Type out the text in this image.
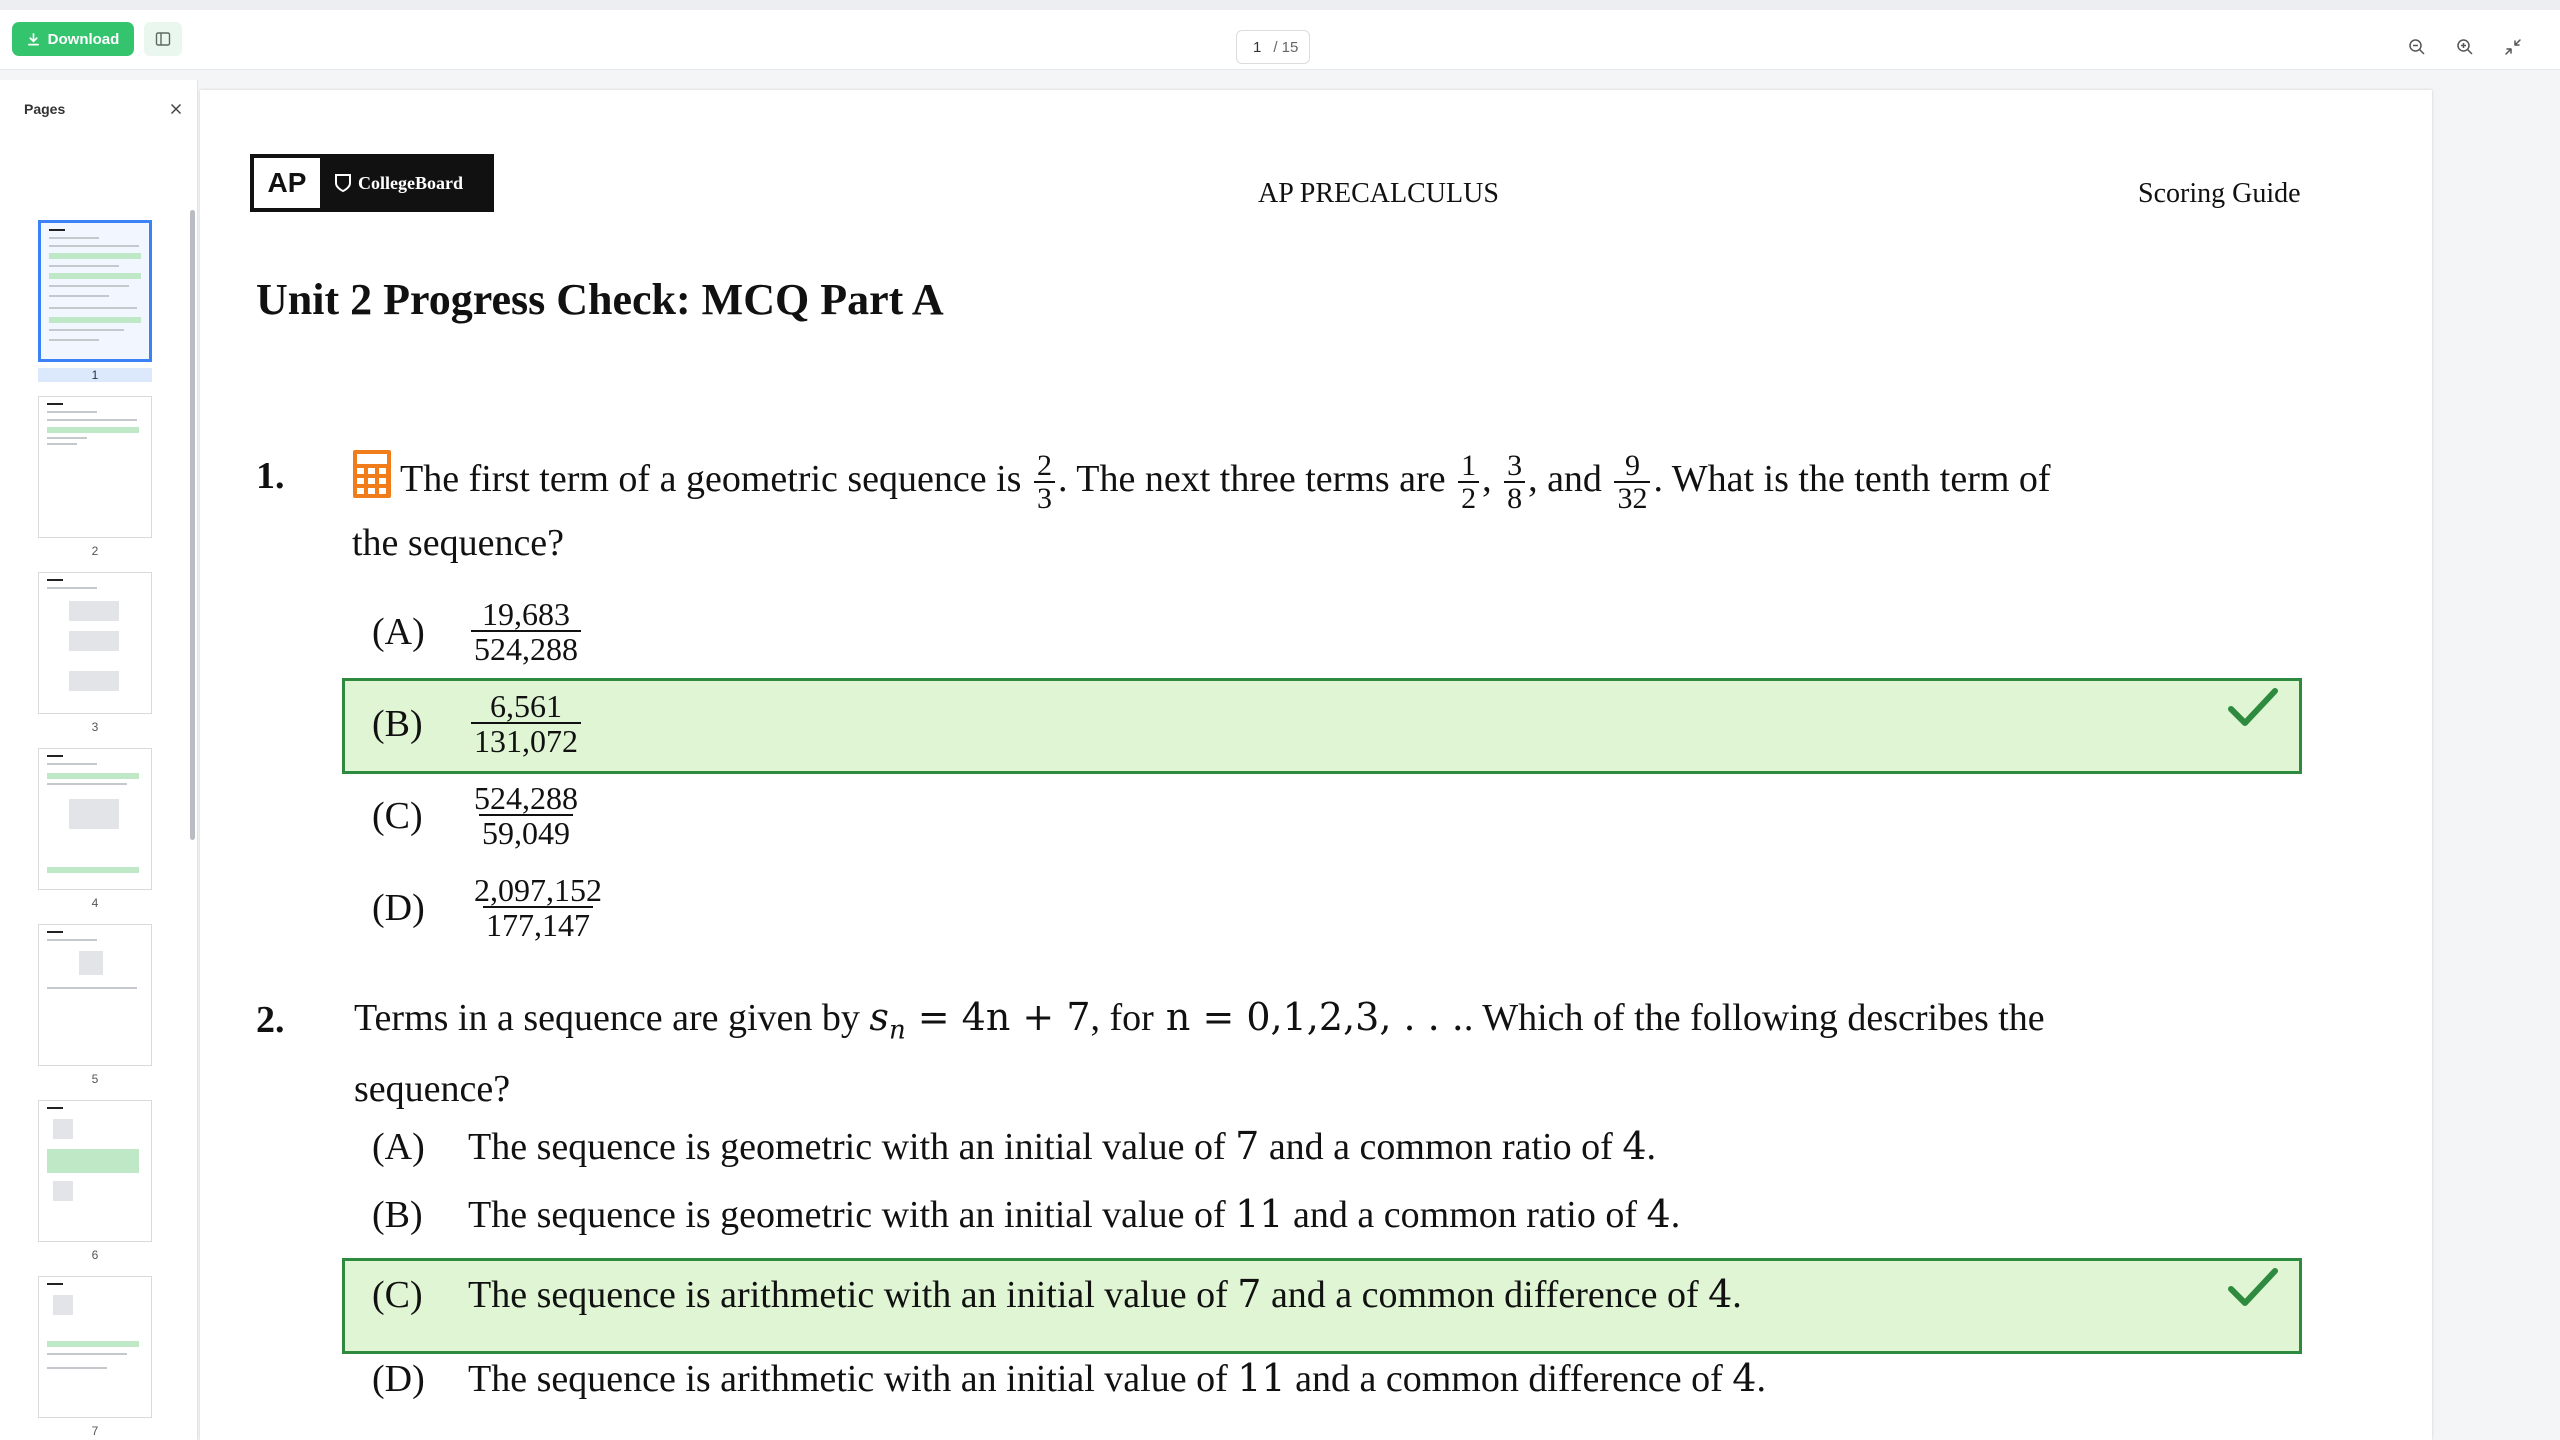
Download	1 / 15
Pages
1
2
3
4
5
6
7
AP	CollegeBoard	AP PRECALCULUS	Scoring Guide
Unit 2 Progress Check: MCQ Part A
1.	The first term of a geometric sequence is $\frac{2}{3}$ . The next three terms are $\frac{1}{2}$ , $\frac{3}{8}$ , and $\frac{9}{32}$ . What is the tenth term of
the sequence?
(A)	$\frac{19,683}{524,288}$
(B)	$\frac{6,561}{131,072}$
(C)	$\frac{524,288}{59,049}$
(D)	$\frac{2,097,152}{177,147}$
2. Terms in a sequence are given by $s_n = 4n + 7$, for n = 0,1,2,3, . . .. Which of the following describes the
sequence?
(A)	The sequence is geometric with an initial value of 7 and a common ratio of 4.
(B)	The sequence is geometric with an initial value of 11 and a common ratio of 4.
(C)	The sequence is arithmetic with an initial value of 7 and a common difference of 4.
(D)	The sequence is arithmetic with an initial value of 11 and a common difference of 4.
